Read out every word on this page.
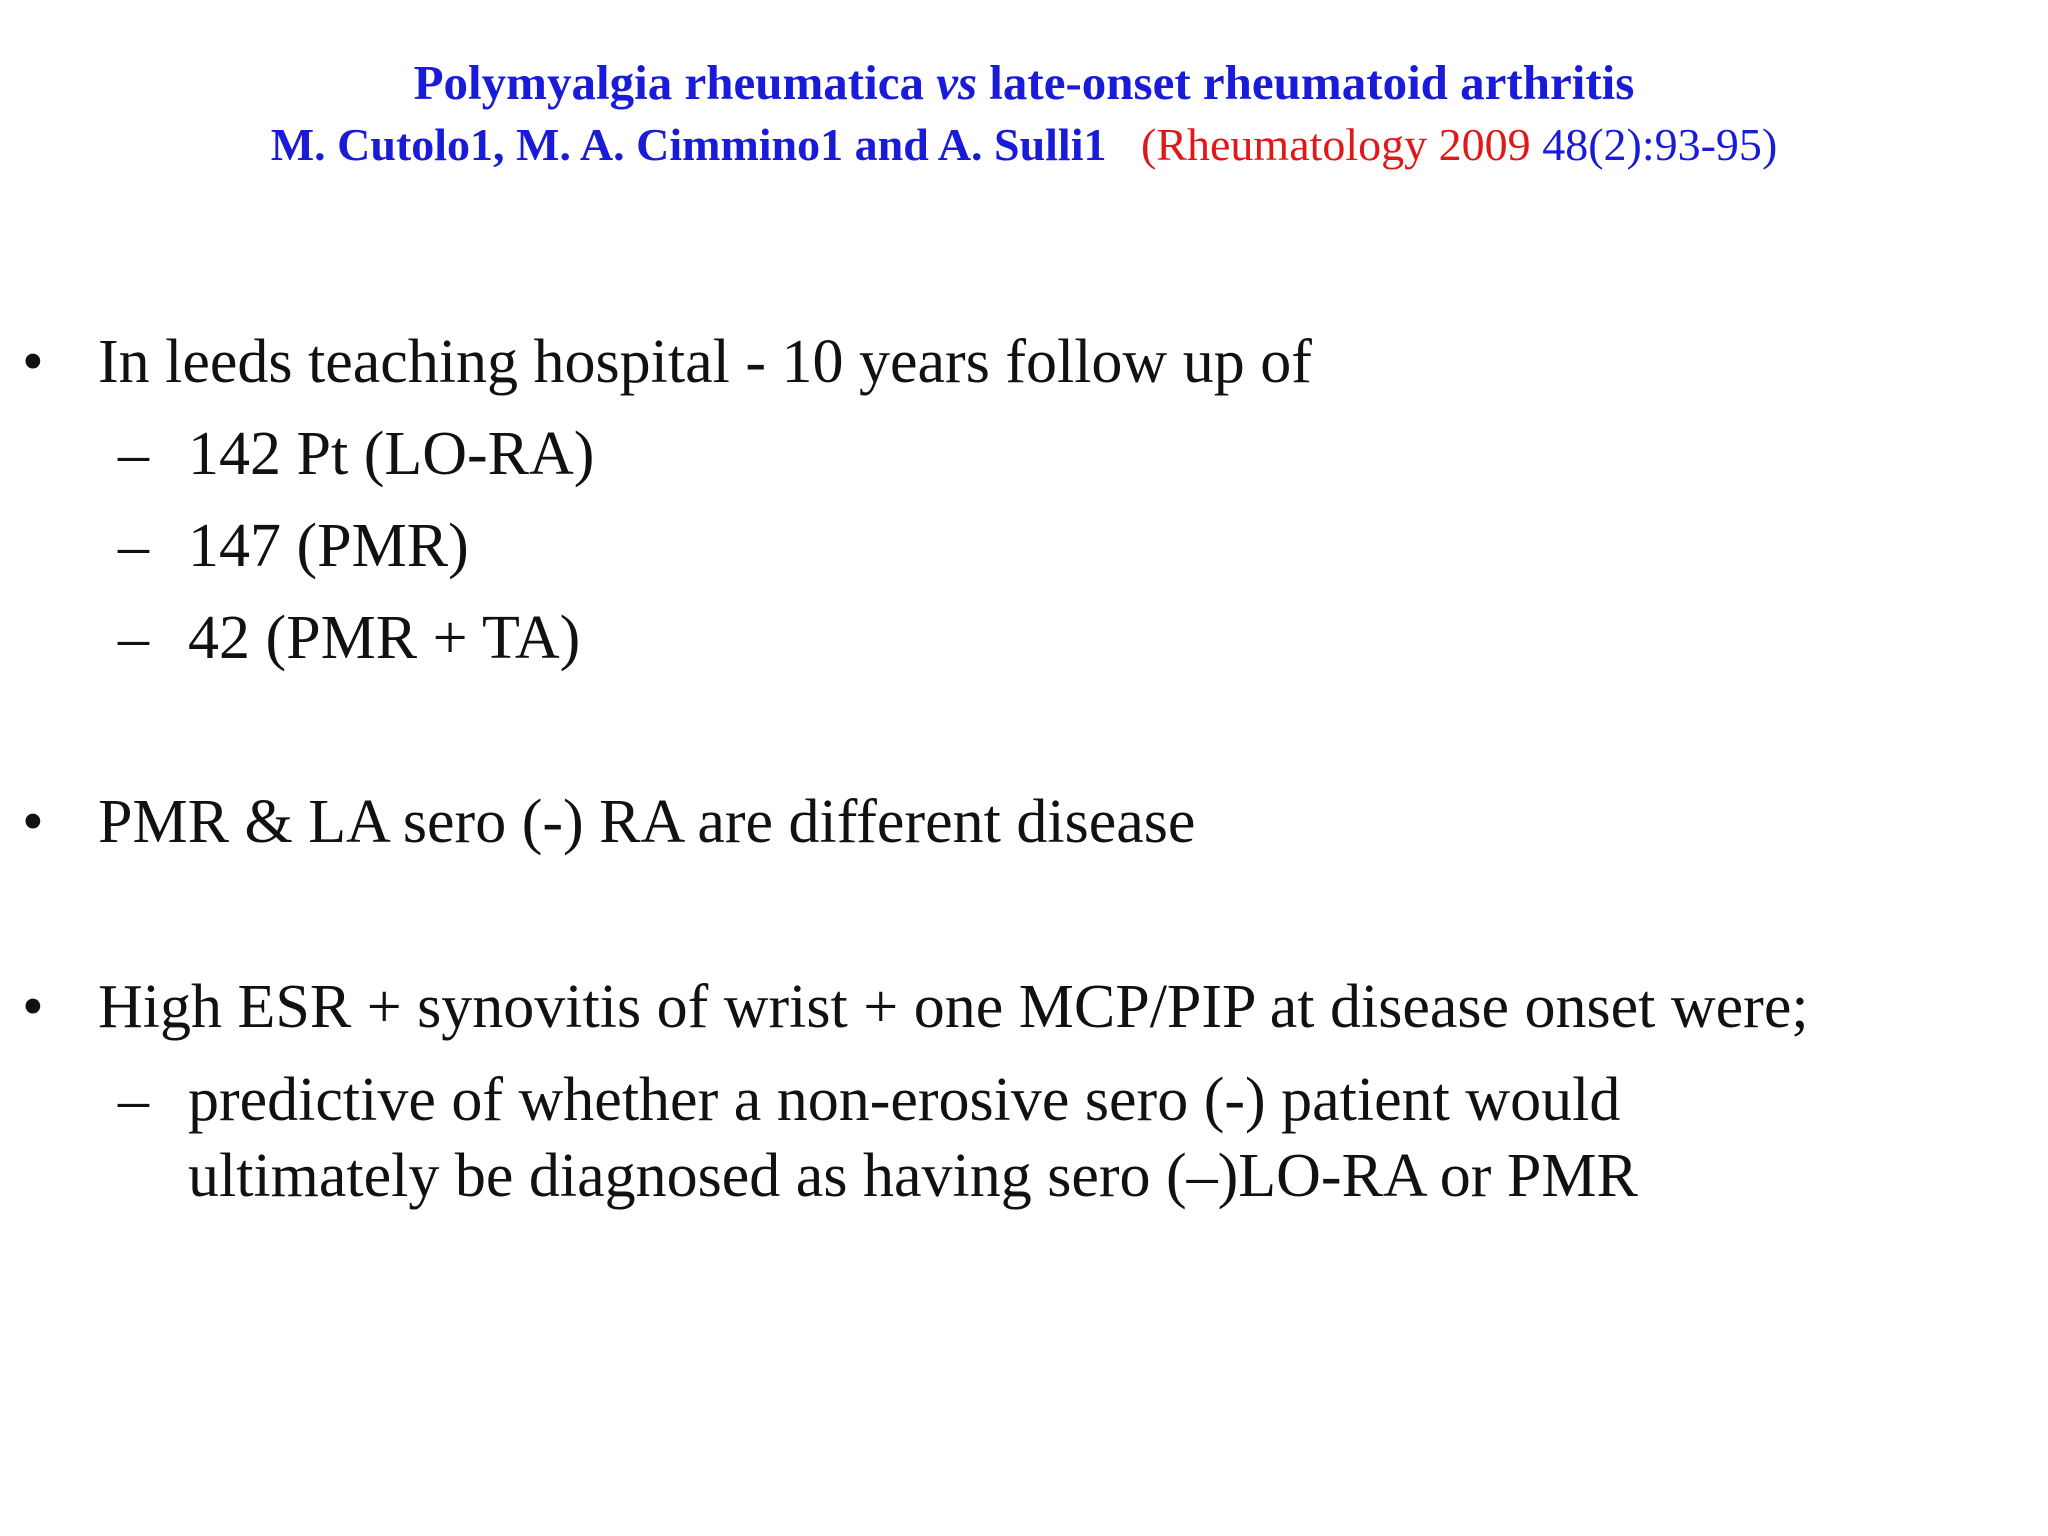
Polymyalgia rheumatica vs late-onset rheumatoid arthritis
M. Cutolo1, M. A. Cimmino1 and A. Sulli1 (Rheumatology 2009 48(2):93-95)
• In leeds teaching hospital - 10 years follow up of
– 142 Pt (LO-RA)
– 147 (PMR)
– 42 (PMR + TA)
• PMR & LA sero (-) RA are different disease
• High ESR + synovitis of wrist + one MCP/PIP at disease onset were;
– predictive of whether a non-erosive sero (-) patient would
ultimately be diagnosed as having sero (–)LO-RA or PMR
